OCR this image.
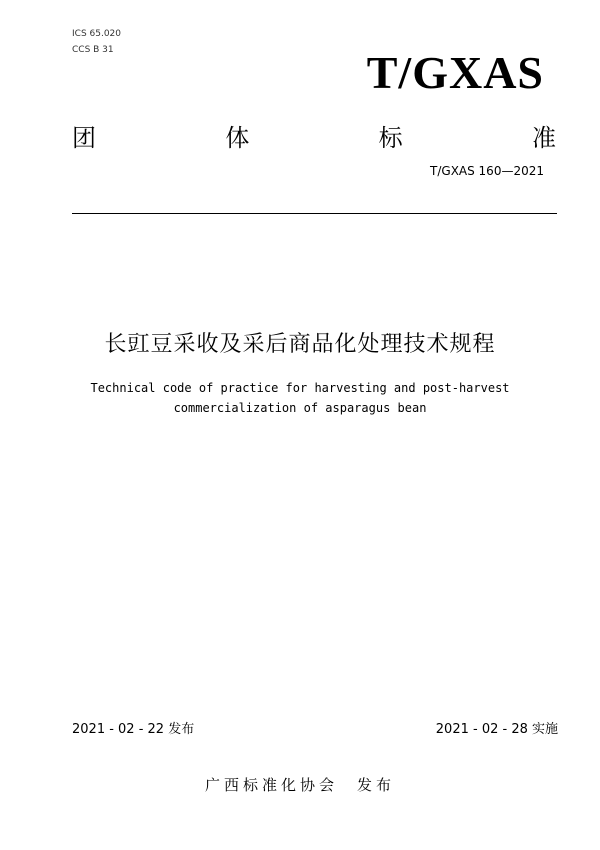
ICS 65.020
CCS B 31	T/GXAS
团	体	标	准
T/GXAS 160—2021
长豇豆采收及采后商品化处理技术规程
Technical code of practice for harvesting and post-harvest
commercialization of asparagus bean
2021 - 02 - 22 发布	2021 - 02 - 28 实施
广西标准化协会　发布
